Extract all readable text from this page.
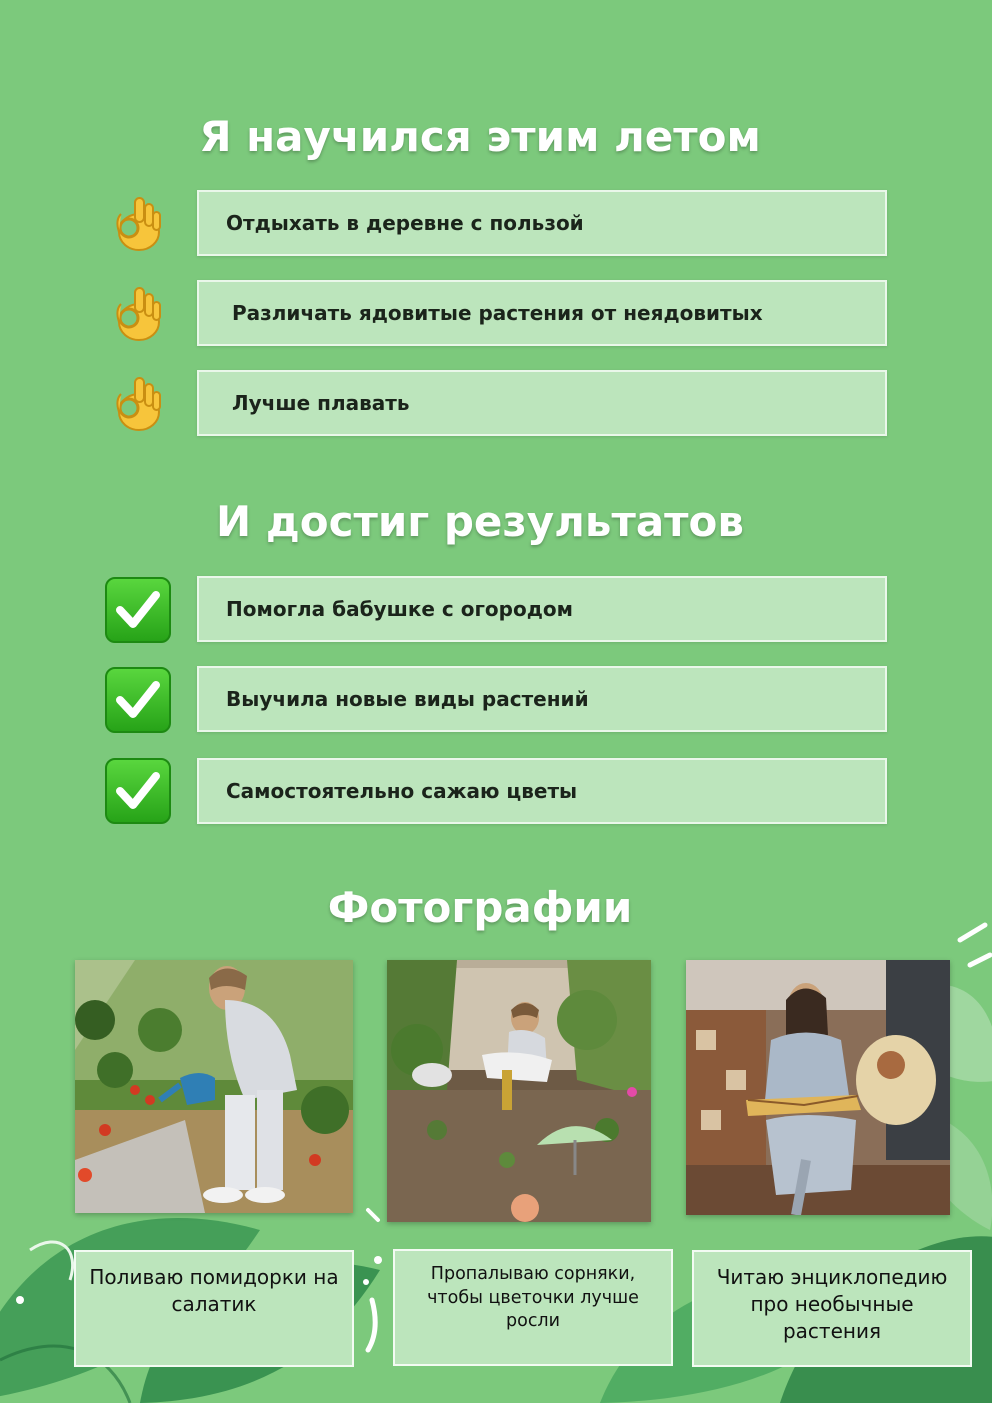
Я научился этим летом
Отдыхать в деревне с пользой
Различать ядовитые растения от неядовитых
Лучше плавать
И достиг результатов
Помогла бабушке с огородом
Выучила новые виды растений
Самостоятельно сажаю цветы
Фотографии
Поливаю помидорки на салатик
Пропалываю сорняки, чтобы цветочки лучше росли
Читаю энциклопедию про необычные растения
